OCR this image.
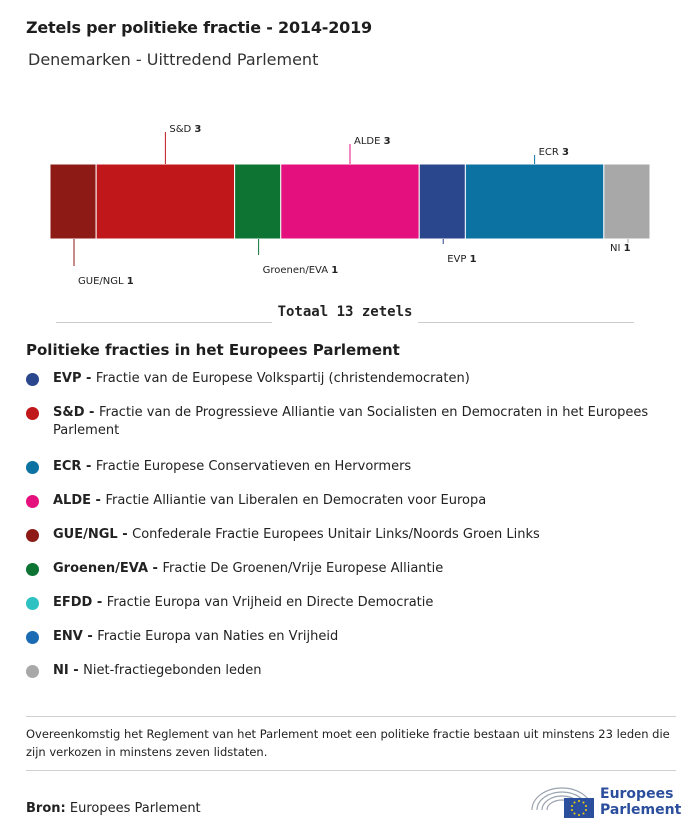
Zetels per politieke fractie - 2014-2019
Denemarken - Uittredend Parlement
GUE/NGL 1
S&D 3
Groenen/EVA 1
ALDE 3
EVP 1
ECR 3
NI 1
Totaal 13 zetels
Politieke fracties in het Europees Parlement
EVP - Fractie van de Europese Volkspartij (christendemocraten)
S&D - Fractie van de Progressieve Alliantie van Socialisten en Democraten in het Europees Parlement
ECR - Fractie Europese Conservatieven en Hervormers
ALDE - Fractie Alliantie van Liberalen en Democraten voor Europa
GUE/NGL - Confederale Fractie Europees Unitair Links/Noords Groen Links
Groenen/EVA - Fractie De Groenen/Vrije Europese Alliantie
EFDD - Fractie Europa van Vrijheid en Directe Democratie
ENV - Fractie Europa van Naties en Vrijheid
NI - Niet-fractiegebonden leden
Overeenkomstig het Reglement van het Parlement moet een politieke fractie bestaan uit minstens 23 leden die zijn verkozen in minstens zeven lidstaten.
Bron: Europees Parlement
Europees
Parlement
